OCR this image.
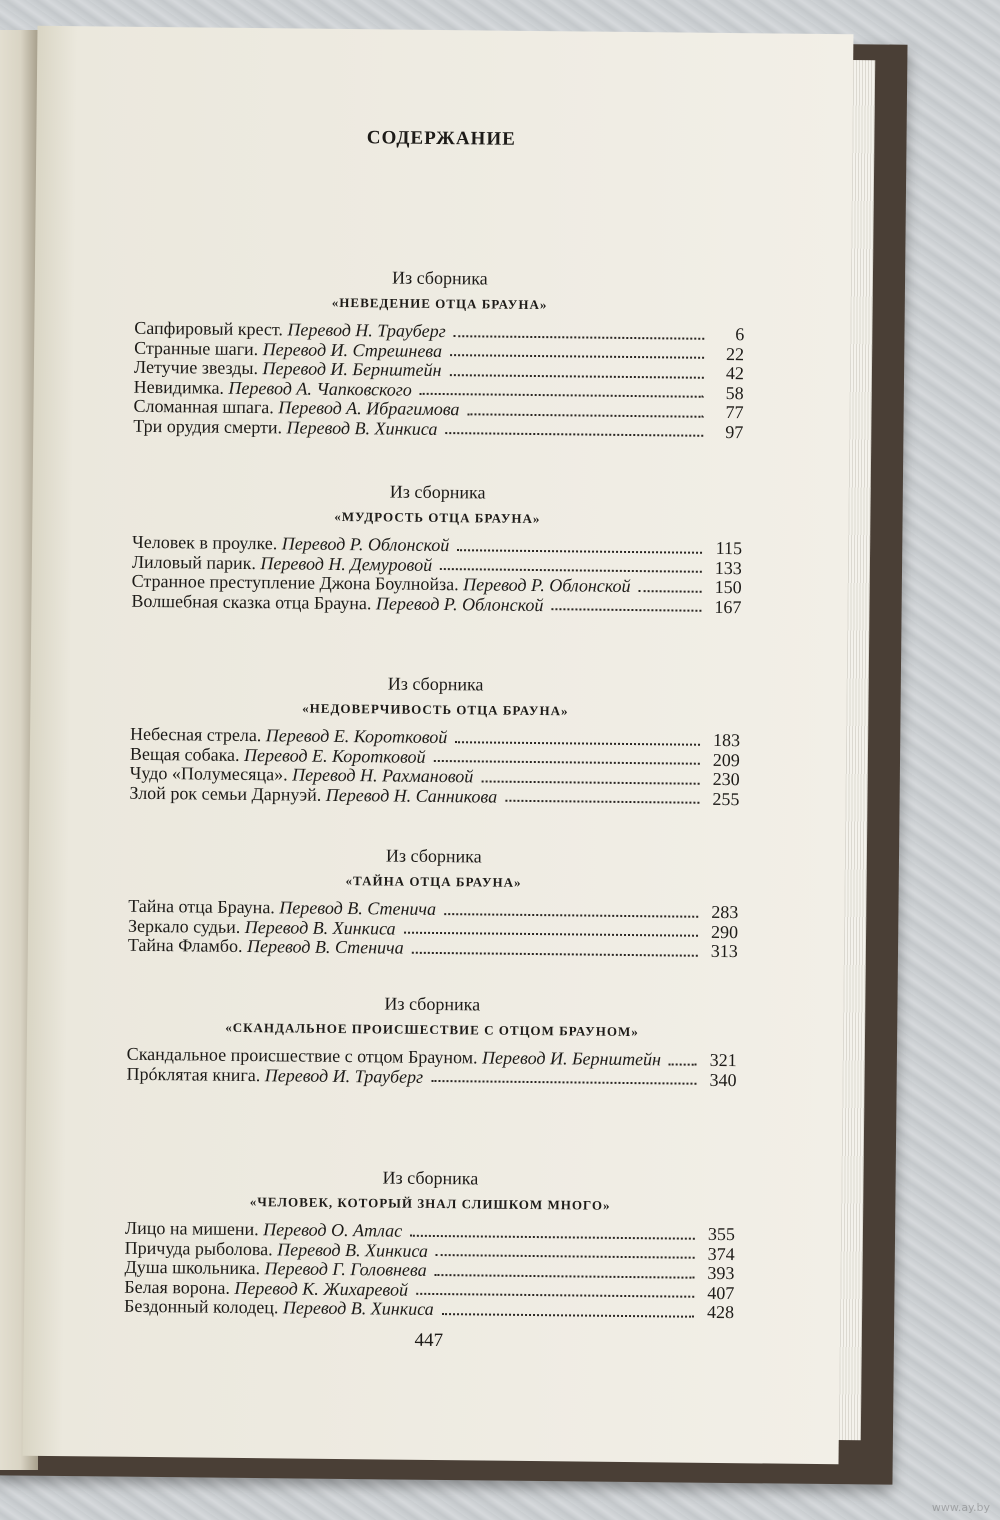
СОДЕРЖАНИЕ
Из сборника
«НЕВЕДЕНИЕ ОТЦА БРАУНА»
Сапфировый крест. Перевод Н. Трауберг	6
Странные шаги. Перевод И. Стрешнева	22
Летучие звезды. Перевод И. Бернштейн	42
Невидимка. Перевод А. Чапковского	58
Сломанная шпага. Перевод А. Ибрагимова	77
Три орудия смерти. Перевод В. Хинкиса	97
Из сборника
«МУДРОСТЬ ОТЦА БРАУНА»
Человек в проулке. Перевод Р. Облонской	115
Лиловый парик. Перевод Н. Демуровой	133
Странное преступление Джона Боулнойза. Перевод Р. Облонской	150
Волшебная сказка отца Брауна. Перевод Р. Облонской	167
Из сборника
«НЕДОВЕРЧИВОСТЬ ОТЦА БРАУНА»
Небесная стрела. Перевод Е. Коротковой	183
Вещая собака. Перевод Е. Коротковой	209
Чудо «Полумесяца». Перевод Н. Рахмановой	230
Злой рок семьи Дарнуэй. Перевод Н. Санникова	255
Из сборника
«ТАЙНА ОТЦА БРАУНА»
Тайна отца Брауна. Перевод В. Стенича	283
Зеркало судьи. Перевод В. Хинкиса	290
Тайна Фламбо. Перевод В. Стенича	313
Из сборника
«СКАНДАЛЬНОЕ ПРОИСШЕСТВИЕ С ОТЦОМ БРАУНОМ»
Скандальное происшествие с отцом Брауном. Перевод И. Бернштейн	321
Прóклятая книга. Перевод И. Трауберг	340
Из сборника
«ЧЕЛОВЕК, КОТОРЫЙ ЗНАЛ СЛИШКОМ МНОГО»
Лицо на мишени. Перевод О. Атлас	355
Причуда рыболова. Перевод В. Хинкиса	374
Душа школьника. Перевод Г. Головнева	393
Белая ворона. Перевод К. Жихаревой	407
Бездонный колодец. Перевод В. Хинкиса	428
447
www.ay.by
